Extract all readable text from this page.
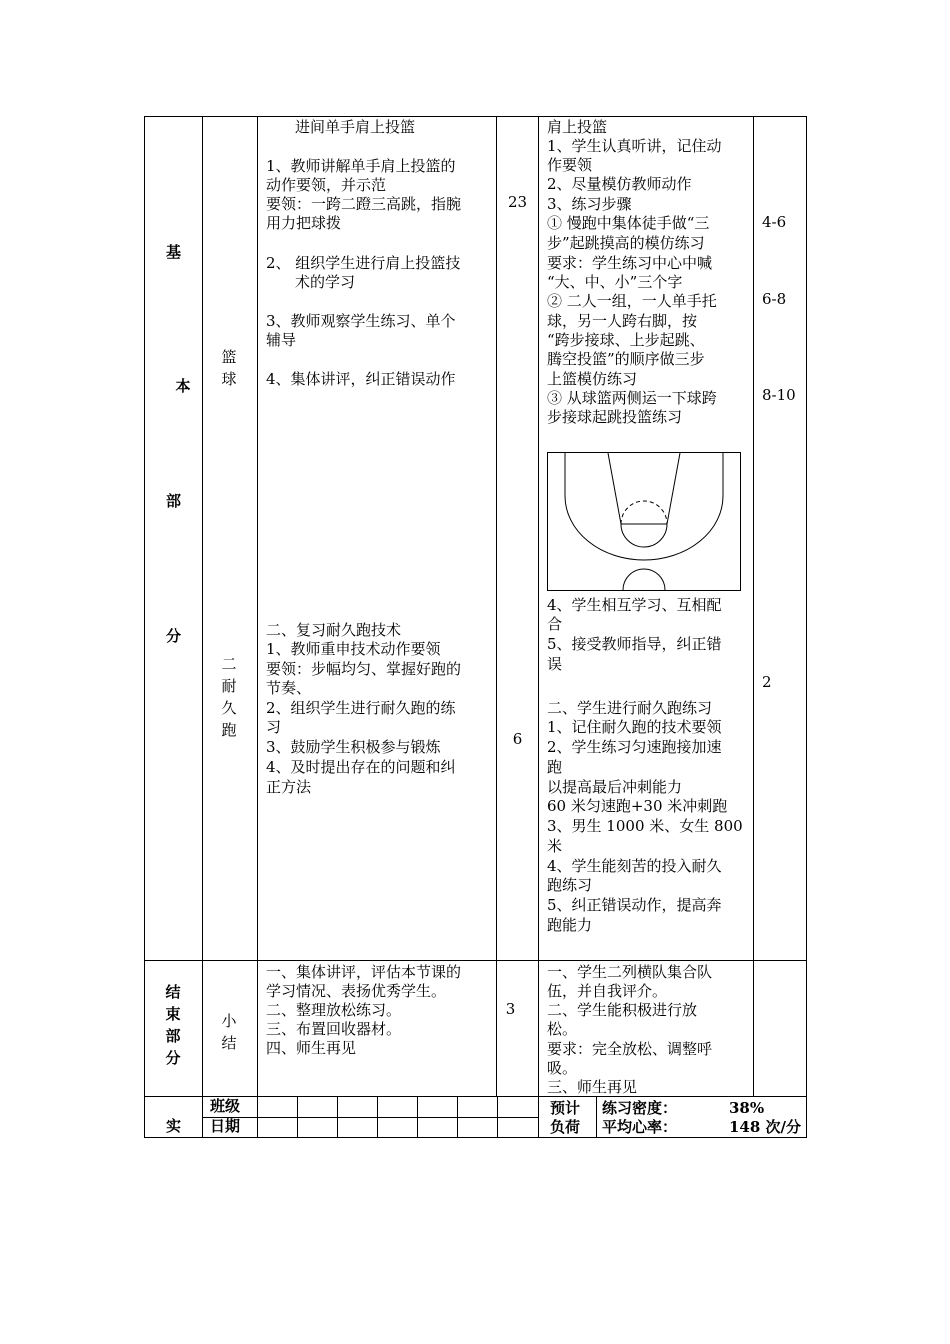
基
本
部
分
结束部分
篮球
二耐久跑
小结
进间单手肩上投篮
1、教师讲解单手肩上投篮的
动作要领，并示范
要领：一跨二蹬三高跳，指腕
用力把球拨
2、 组织学生进行肩上投篮技
术的学习
3、教师观察学生练习、单个
辅导
4、集体讲评，纠正错误动作
二、复习耐久跑技术
1、教师重申技术动作要领
要领：步幅均匀、掌握好跑的
节奏、
2、组织学生进行耐久跑的练
习
3、鼓励学生积极参与锻炼
4、及时提出存在的问题和纠
正方法
一、集体讲评，评估本节课的
学习情况、表扬优秀学生。
二、整理放松练习。
三、布置回收器材。
四、师生再见
23
6
3
肩上投篮
1、学生认真听讲，记住动
作要领
2、尽量模仿教师动作
3、练习步骤
① 慢跑中集体徒手做“三
步”起跳摸高的模仿练习
要求：学生练习中心中喊
“大、中、小”三个字
② 二人一组，一人单手托
球，另一人跨右脚，按
“跨步接球、上步起跳、
腾空投篮”的顺序做三步
上篮模仿练习
③ 从球篮两侧运一下球跨
步接球起跳投篮练习
4、学生相互学习、互相配
合
5、接受教师指导，纠正错
误
二、学生进行耐久跑练习
1、记住耐久跑的技术要领
2、学生练习匀速跑接加速
跑
以提高最后冲刺能力
60 米匀速跑+30 米冲刺跑
3、男生 1000 米、女生 800
米
4、学生能刻苦的投入耐久
跑练习
5、纠正错误动作，提高奔
跑能力
一、学生二列横队集合队
伍，并自我评介。
二、学生能积极进行放
松。
要求：完全放松、调整呼
吸。
三、师生再见
4-6
6-8
8-10
2
实
班级
日期
预计
负荷
练习密度：	38%
平均心率：	148 次/分
